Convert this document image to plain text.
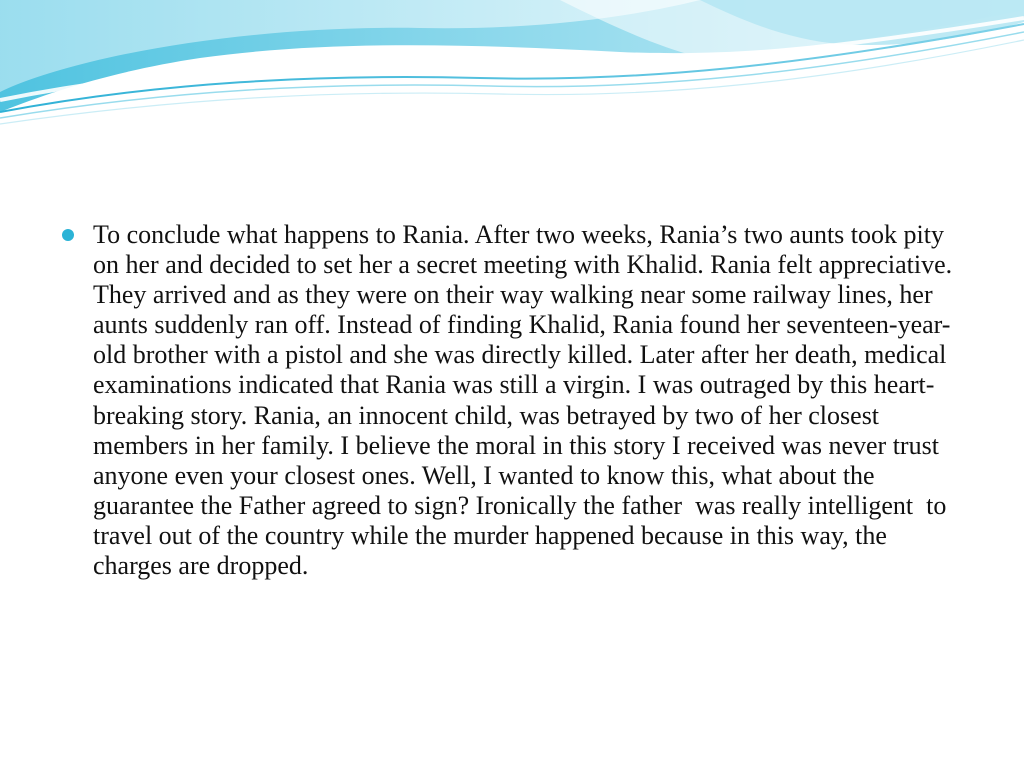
To conclude what happens to Rania. After two weeks, Rania’s two aunts took pity on her and decided to set her a secret meeting with Khalid. Rania felt appreciative. They arrived and as they were on their way walking near some railway lines, her aunts suddenly ran off. Instead of finding Khalid, Rania found her seventeen-year-old brother with a pistol and she was directly killed. Later after her death, medical examinations indicated that Rania was still a virgin. I was outraged by this heart-breaking story. Rania, an innocent child, was betrayed by two of her closest members in her family. I believe the moral in this story I received was never trust anyone even your closest ones. Well, I wanted to know this, what about the guarantee the Father agreed to sign? Ironically the father  was really intelligent  to travel out of the country while the murder happened because in this way, the charges are dropped.
